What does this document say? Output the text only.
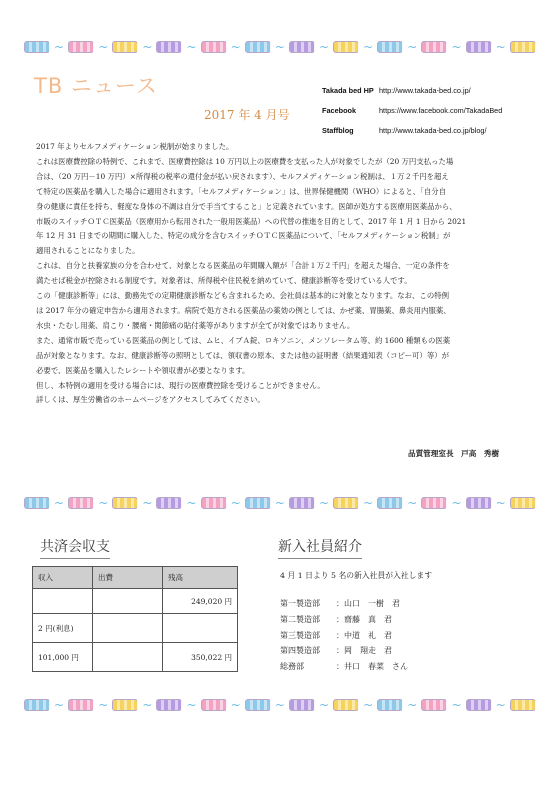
~	~	~	~	~	~	~	~	~	~	~
~	~	~	~	~	~	~	~	~	~	~
~	~	~	~	~	~	~	~	~	~	~
TB ニュース
2017 年 4 月号
Takada bed HP http://www.takada-bed.co.jp/
Facebook	https://www.facebook.com/TakadaBed
Staffblog	http://www.takada-bed.co.jp/blog/

2017 年よりセルフメディケーション税制が始まりました。

これは医療費控除の特例で、これまで、医療費控除は 10 万円以上の医療費を支払った人が対象でしたが（20 万円支払った場

合は、（20 万円－10 万円）×所得税の税率の還付金が払い戻されます）、セルフメディケーション税制は、１万２千円を超え

て特定の医薬品を購入した場合に適用されます。「セルフメディケーション」は、世界保健機関（WHO）によると、「自分自

身の健康に責任を持ち、軽度な身体の不調は自分で手当てすること」と定義されています。医師が処方する医療用医薬品から、

市販のスイッチＯＴＣ医薬品（医療用から転用された一般用医薬品）への代替の推進を目的として、2017 年 1 月 1 日から 2021

年 12 月 31 日までの期間に購入した、特定の成分を含むスイッチＯＴＣ医薬品について、「セルフメディケーション税制」が

適用されることになりました。

これは、自分と扶養家族の分を合わせて、対象となる医薬品の年間購入額が「合計１万２千円」を超えた場合、一定の条件を

満たせば税金が控除される制度です。対象者は、所得税や住民税を納めていて、健康診断等を受けている人です。

この「健康診断等」には、勤務先での定期健康診断なども含まれるため、会社員は基本的に対象となります。なお、この特例

は 2017 年分の確定申告から適用されます。病院で処方される医薬品の薬効の例としては、かぜ薬、胃腸薬、鼻炎用内服薬、

水虫・たむし用薬、肩こり・腰痛・関節痛の貼付薬等がありますが全てが対象ではありません。

また、通常市販で売っている医薬品の例としては、ムヒ、イブＡ錠、ロキソニン、メンソレータム等、約 1600 種類もの医薬

品が対象となります。なお、健康診断等の照明としては、領収書の原本、または他の証明書（結果通知表（コピー可）等）が

必要で、医薬品を購入したレシートや領収書が必要となります。

但し、本特例の適用を受ける場合には、現行の医療費控除を受けることができません。

詳しくは、厚生労働省のホームページをアクセスしてみてください。

品質管理室長　戸高　秀樹
共済会収支
収入	出費	残高
		249,020 円
2 円(利息)		
101,000 円		350,022 円
新入社員紹介
4 月 1 日より 5 名の新入社員が入社します
第一製造部 ：山口　一樹　君
第二製造部 ：齋藤　真　君
第三製造部 ：中道　礼　君
第四製造部 ：岡　翔走　君
総務部	：井口　春菜　さん
